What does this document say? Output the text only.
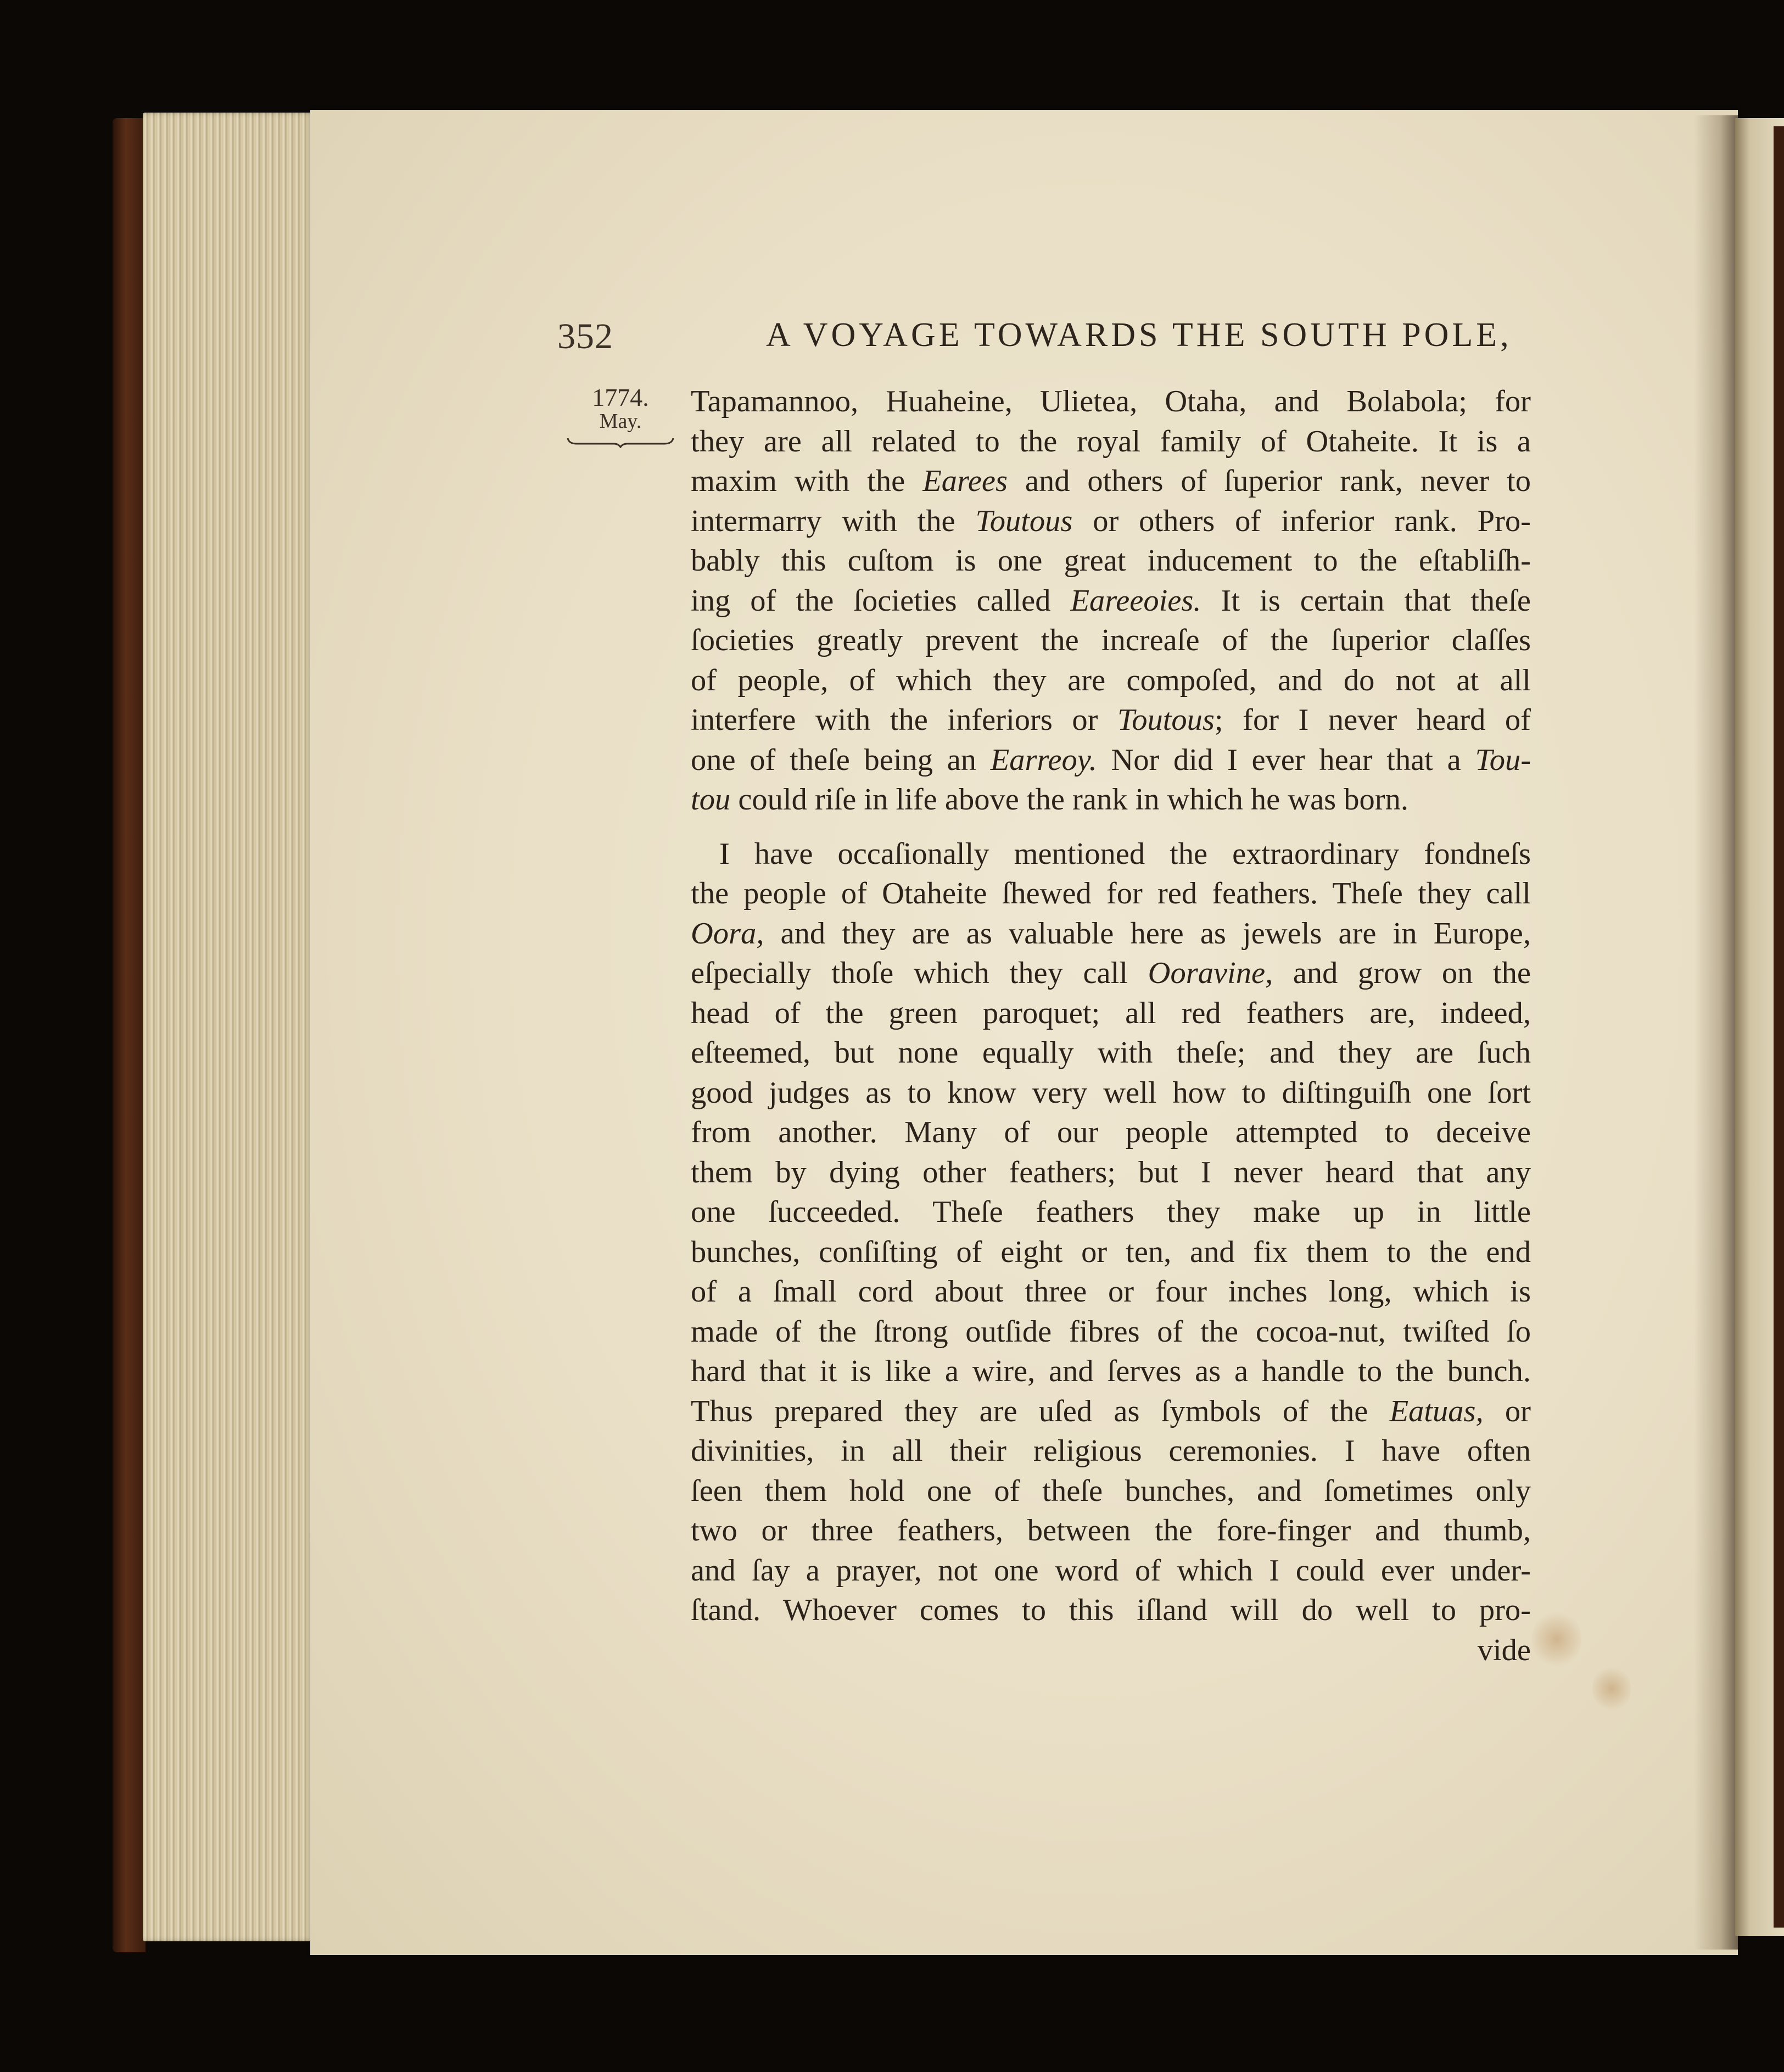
352	A VOYAGE TOWARDS THE SOUTH POLE,
1774.
May.
Tapamannoo, Huaheine, Ulietea, Otaha, and Bolabola; for
they are all related to the royal family of Otaheite. It is a
maxim with the Earees and others of ſuperior rank, never to
intermarry with the Toutous or others of inferior rank. Pro-
bably this cuſtom is one great inducement to the eſtabliſh-
ing of the ſocieties called Eareeoies. It is certain that theſe
ſocieties greatly prevent the increaſe of the ſuperior claſſes
of people, of which they are compoſed, and do not at all
interfere with the inferiors or Toutous; for I never heard of
one of theſe being an Earreoy. Nor did I ever hear that a Tou-
tou could riſe in life above the rank in which he was born.
I have occaſionally mentioned the extraordinary fondneſs
the people of Otaheite ſhewed for red feathers. Theſe they call
Oora, and they are as valuable here as jewels are in Europe,
eſpecially thoſe which they call Ooravine, and grow on the
head of the green paroquet; all red feathers are, indeed,
eſteemed, but none equally with theſe; and they are ſuch
good judges as to know very well how to diſtinguiſh one ſort
from another. Many of our people attempted to deceive
them by dying other feathers; but I never heard that any
one ſucceeded. Theſe feathers they make up in little
bunches, conſiſting of eight or ten, and fix them to the end
of a ſmall cord about three or four inches long, which is
made of the ſtrong outſide fibres of the cocoa-nut, twiſted ſo
hard that it is like a wire, and ſerves as a handle to the bunch.
Thus prepared they are uſed as ſymbols of the Eatuas, or
divinities, in all their religious ceremonies. I have often
ſeen them hold one of theſe bunches, and ſometimes only
two or three feathers, between the fore-finger and thumb,
and ſay a prayer, not one word of which I could ever under-
ſtand. Whoever comes to this iſland will do well to pro-
vide
